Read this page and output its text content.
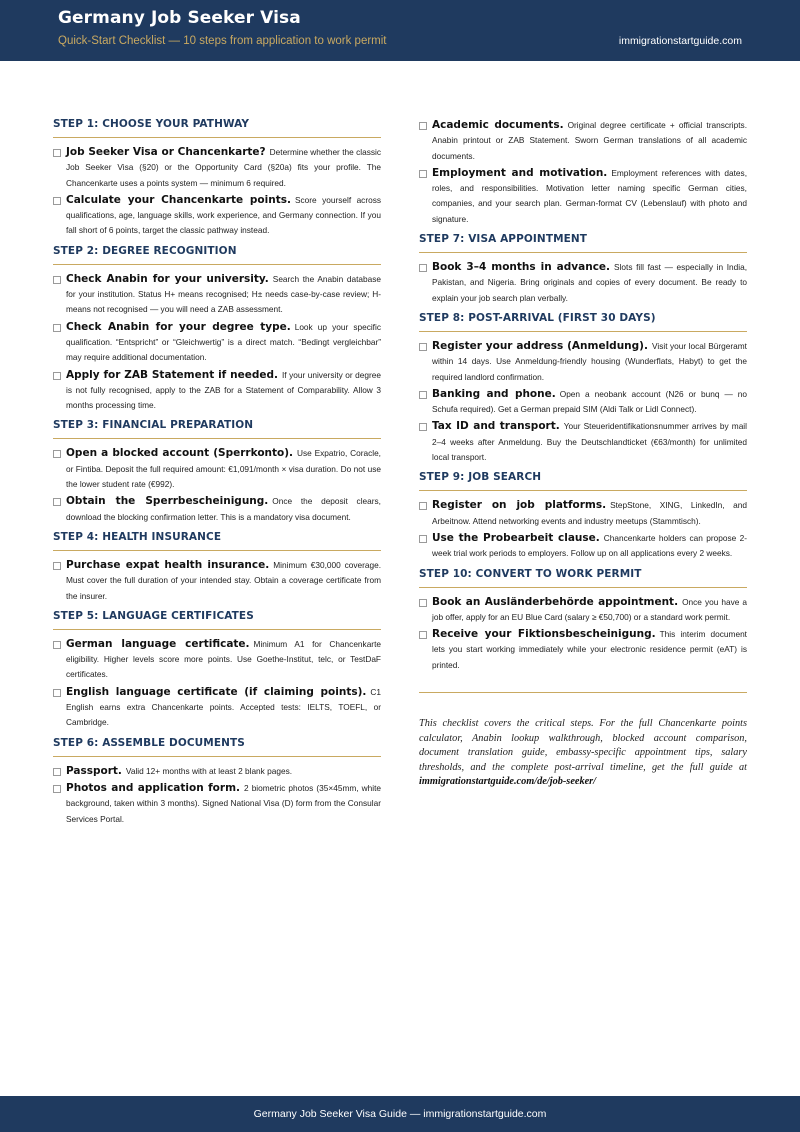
Germany Job Seeker Visa
Quick-Start Checklist — 10 steps from application to work permit	immigrationstartguide.com
STEP 1: CHOOSE YOUR PATHWAY
Job Seeker Visa or Chancenkarte? Determine whether the classic Job Seeker Visa (§20) or the Opportunity Card (§20a) fits your profile. The Chancenkarte uses a points system — minimum 6 required.
Calculate your Chancenkarte points. Score yourself across qualifications, age, language skills, work experience, and Germany connection. If you fall short of 6 points, target the classic pathway instead.
STEP 2: DEGREE RECOGNITION
Check Anabin for your university. Search the Anabin database for your institution. Status H+ means recognised; H± needs case-by-case review; H- means not recognised — you will need a ZAB assessment.
Check Anabin for your degree type. Look up your specific qualification. “Entspricht” or “Gleichwertig” is a direct match. “Bedingt vergleichbar” may require additional documentation.
Apply for ZAB Statement if needed. If your university or degree is not fully recognised, apply to the ZAB for a Statement of Comparability. Allow 3 months processing time.
STEP 3: FINANCIAL PREPARATION
Open a blocked account (Sperrkonto). Use Expatrio, Coracle, or Fintiba. Deposit the full required amount: €1,091/month × visa duration. Do not use the lower student rate (€992).
Obtain the Sperrbescheinigung. Once the deposit clears, download the blocking confirmation letter. This is a mandatory visa document.
STEP 4: HEALTH INSURANCE
Purchase expat health insurance. Minimum €30,000 coverage. Must cover the full duration of your intended stay. Obtain a coverage certificate from the insurer.
STEP 5: LANGUAGE CERTIFICATES
German language certificate. Minimum A1 for Chancenkarte eligibility. Higher levels score more points. Use Goethe-Institut, telc, or TestDaF certificates.
English language certificate (if claiming points). C1 English earns extra Chancenkarte points. Accepted tests: IELTS, TOEFL, or Cambridge.
STEP 6: ASSEMBLE DOCUMENTS
Passport. Valid 12+ months with at least 2 blank pages.
Photos and application form. 2 biometric photos (35×45mm, white background, taken within 3 months). Signed National Visa (D) form from the Consular Services Portal.
Academic documents. Original degree certificate + official transcripts. Anabin printout or ZAB Statement. Sworn German translations of all academic documents.
Employment and motivation. Employment references with dates, roles, and responsibilities. Motivation letter naming specific German cities, companies, and your search plan. German-format CV (Lebenslauf) with photo and signature.
STEP 7: VISA APPOINTMENT
Book 3–4 months in advance. Slots fill fast — especially in India, Pakistan, and Nigeria. Bring originals and copies of every document. Be ready to explain your job search plan verbally.
STEP 8: POST-ARRIVAL (FIRST 30 DAYS)
Register your address (Anmeldung). Visit your local Bürgeramt within 14 days. Use Anmeldung-friendly housing (Wunderflats, Habyt) to get the required landlord confirmation.
Banking and phone. Open a neobank account (N26 or bunq — no Schufa required). Get a German prepaid SIM (Aldi Talk or Lidl Connect).
Tax ID and transport. Your Steueridentifikationsnummer arrives by mail 2–4 weeks after Anmeldung. Buy the Deutschlandticket (€63/month) for unlimited local transport.
STEP 9: JOB SEARCH
Register on job platforms. StepStone, XING, LinkedIn, and Arbeitnow. Attend networking events and industry meetups (Stammtisch).
Use the Probearbeit clause. Chancenkarte holders can propose 2-week trial work periods to employers. Follow up on all applications every 2 weeks.
STEP 10: CONVERT TO WORK PERMIT
Book an Ausländerbehörde appointment. Once you have a job offer, apply for an EU Blue Card (salary ≥ €50,700) or a standard work permit.
Receive your Fiktionsbescheinigung. This interim document lets you start working immediately while your electronic residence permit (eAT) is printed.
This checklist covers the critical steps. For the full Chancenkarte points calculator, Anabin lookup walkthrough, blocked account comparison, document translation guide, embassy-specific appointment tips, salary thresholds, and the complete post-arrival timeline, get the full guide at immigrationstartguide.com/de/job-seeker/
Germany Job Seeker Visa Guide — immigrationstartguide.com
